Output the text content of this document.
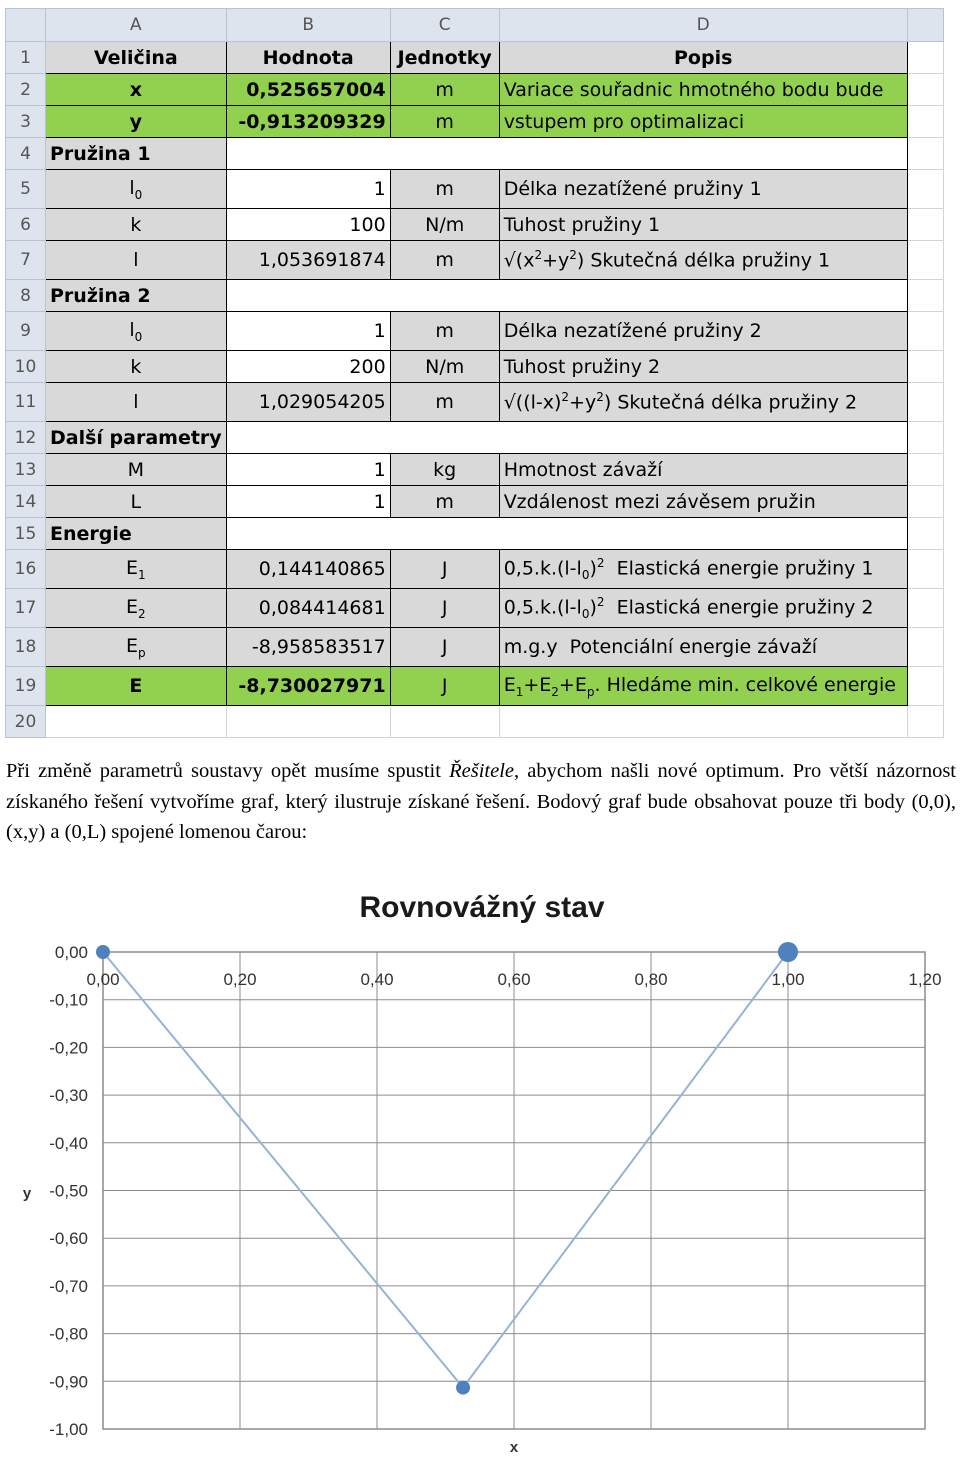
	A	B	C	D	
1	Veličina	Hodnota	Jednotky	Popis	
2	x	0,525657004	m	Variace souřadnic hmotného bodu bude	
3	y	-0,913209329	m	vstupem pro optimalizaci	
4	Pružina 1				
5	$l_0$	1	m	Délka nezatížené pružiny 1	
6	k	100	N/m	Tuhost pružiny 1	
7	l	1,053691874	m	$√(x^2+y^2)$ Skutečná délka pružiny 1	
8	Pružina 2				
9	$l_0$	1	m	Délka nezatížené pružiny 2	
10	k	200	N/m	Tuhost pružiny 2	
11	l	1,029054205	m	$√((l-x)^2+y^2)$ Skutečná délka pružiny 2	
12	Další parametry				
13	M	1	kg	Hmotnost závaží	
14	L	1	m	Vzdálenost mezi závěsem pružin	
15	Energie				
16	$E_1$	0,144140865	J	$0,5.k.(l-l_0)^2$  Elastická energie pružiny 1	
17	$E_2$	0,084414681	J	$0,5.k.(l-l_0)^2$  Elastická energie pružiny 2	
18	$E_p$	-8,958583517	J	m.g.y  Potenciální energie závaží	
19	E	-8,730027971	J	$E_1+E_2+E_p$. Hledáme min. celkové energie	
20					

Při změně parametrů soustavy opět musíme spustit Řešitele, abychom našli nové optimum. Pro větší názornost získaného řešení vytvoříme graf, který ilustruje získané řešení. Bodový graf bude obsahovat pouze tři body (0,0), (x,y) a (0,L) spojené lomenou čarou:

Rovnovážný stav
0,00	0,20	0,40	0,60	0,80	1,00	1,20
0,00
-0,10
-0,20
-0,30
-0,40
-0,50
-0,60
-0,70
-0,80
-0,90
-1,00
y
x
